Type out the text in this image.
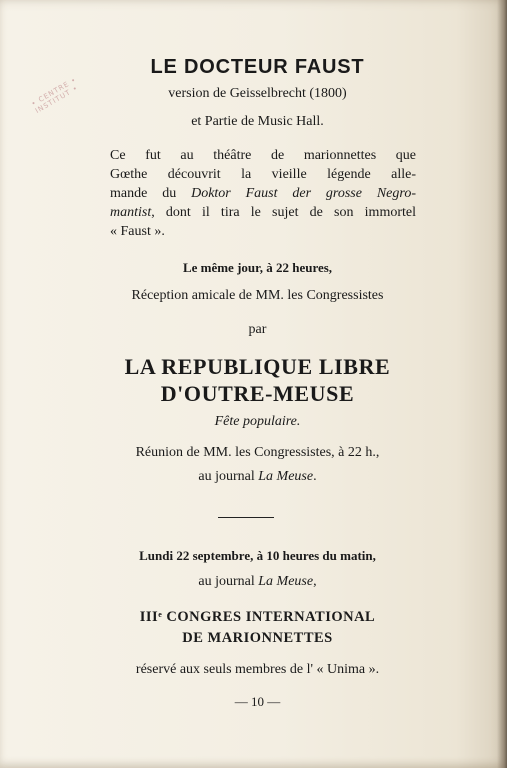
• CENTRE • INSTITUT •
LE DOCTEUR FAUST
version de Geisselbrecht (1800)
et Partie de Music Hall.
Ce fut au théâtre de marionnettes que
Gœthe découvrit la vieille légende alle-
mande du Doktor Faust der grosse Negro-
mantist, dont il tira le sujet de son immortel
« Faust ».
Le même jour, à 22 heures,
Réception amicale de MM. les Congressistes
par
LA REPUBLIQUE LIBRE
D'OUTRE-MEUSE
Fête populaire.
Réunion de MM. les Congressistes, à 22 h.,
au journal La Meuse.
Lundi 22 septembre, à 10 heures du matin,
au journal La Meuse,
IIIe CONGRES INTERNATIONAL
DE MARIONNETTES
réservé aux seuls membres de l' « Unima ».
— 10 —
